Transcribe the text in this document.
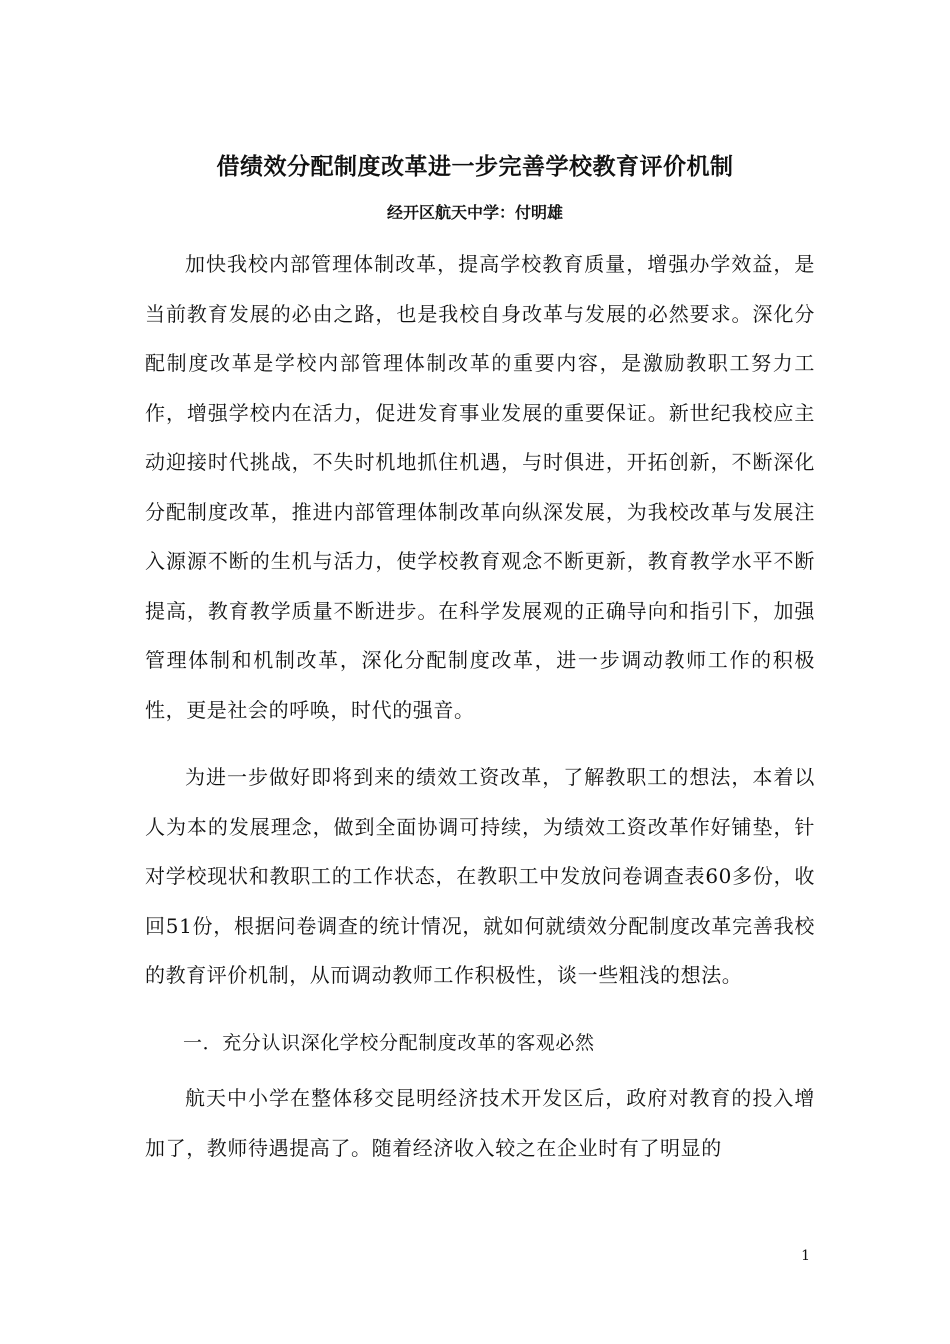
借绩效分配制度改革进一步完善学校教育评价机制

经开区航天中学：付明雄

加快我校内部管理体制改革，提高学校教育质量，增强办学效益，是当前教育发展的必由之路，也是我校自身改革与发展的必然要求。深化分配制度改革是学校内部管理体制改革的重要内容，是激励教职工努力工作，增强学校内在活力，促进发育事业发展的重要保证。新世纪我校应主动迎接时代挑战，不失时机地抓住机遇，与时俱进，开拓创新，不断深化分配制度改革，推进内部管理体制改革向纵深发展，为我校改革与发展注入源源不断的生机与活力，使学校教育观念不断更新，教育教学水平不断提高，教育教学质量不断进步。在科学发展观的正确导向和指引下，加强管理体制和机制改革，深化分配制度改革，进一步调动教师工作的积极性，更是社会的呼唤，时代的强音。

为进一步做好即将到来的绩效工资改革，了解教职工的想法，本着以人为本的发展理念，做到全面协调可持续，为绩效工资改革作好铺垫，针对学校现状和教职工的工作状态，在教职工中发放问卷调查表60多份，收回51份，根据问卷调查的统计情况，就如何就绩效分配制度改革完善我校的教育评价机制，从而调动教师工作积极性，谈一些粗浅的想法。

一．充分认识深化学校分配制度改革的客观必然

航天中小学在整体移交昆明经济技术开发区后，政府对教育的投入增加了，教师待遇提高了。随着经济收入较之在企业时有了明显的

1
